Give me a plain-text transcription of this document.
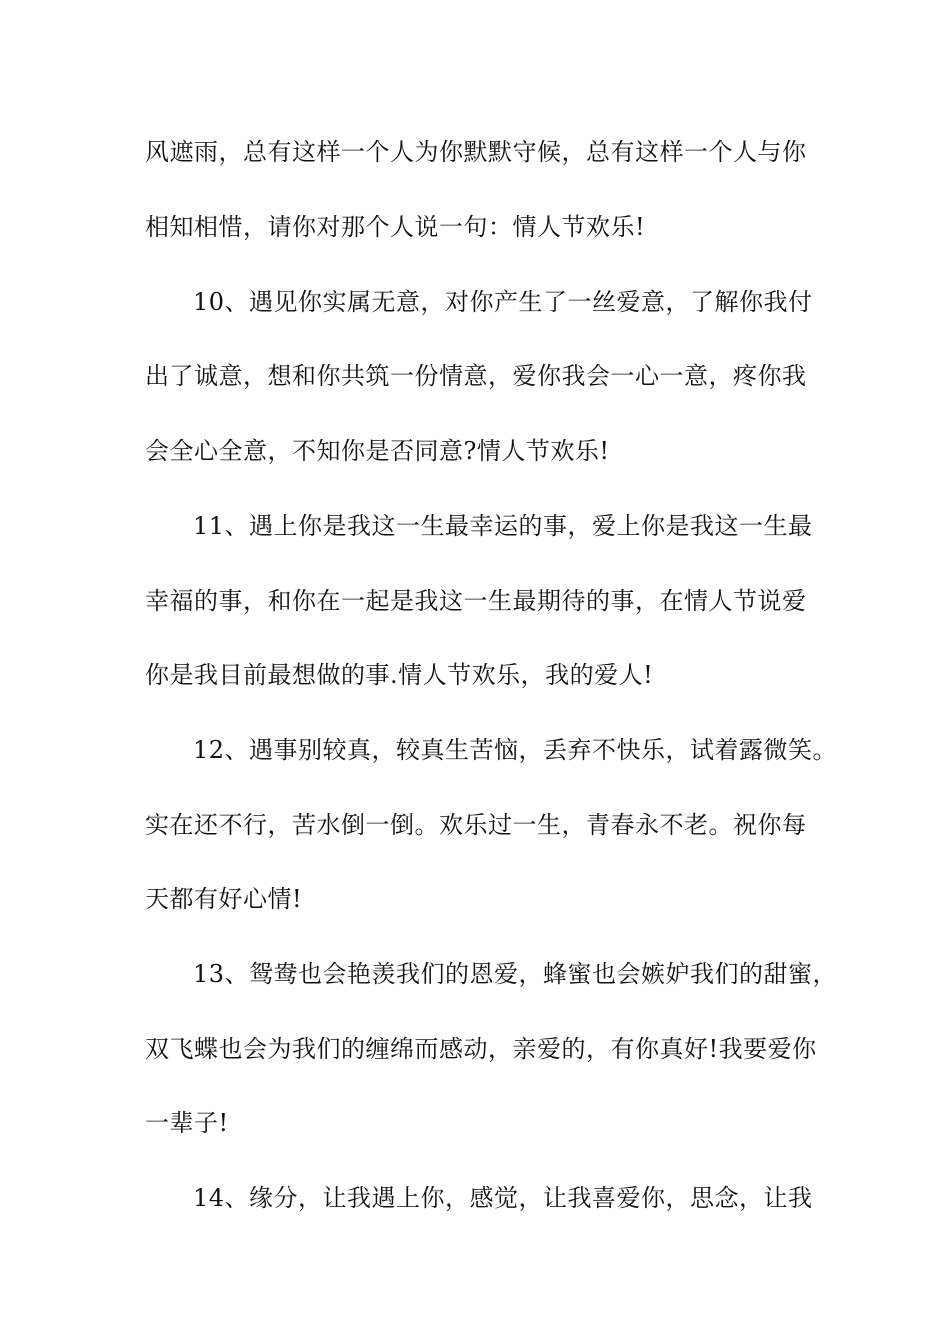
风遮雨，总有这样一个人为你默默守候，总有这样一个人与你
相知相惜，请你对那个人说一句：情人节欢乐!
10、遇见你实属无意，对你产生了一丝爱意，了解你我付
出了诚意，想和你共筑一份情意，爱你我会一心一意，疼你我
会全心全意，不知你是否同意?情人节欢乐!
11、遇上你是我这一生最幸运的事，爱上你是我这一生最
幸福的事，和你在一起是我这一生最期待的事，在情人节说爱
你是我目前最想做的事.情人节欢乐，我的爱人!
12、遇事别较真，较真生苦恼，丢弃不快乐，试着露微笑。
实在还不行，苦水倒一倒。欢乐过一生，青春永不老。祝你每
天都有好心情!
13、鸳鸯也会艳羡我们的恩爱，蜂蜜也会嫉妒我们的甜蜜，
双飞蝶也会为我们的缠绵而感动，亲爱的，有你真好!我要爱你
一辈子!
14、缘分，让我遇上你，感觉，让我喜爱你，思念，让我
